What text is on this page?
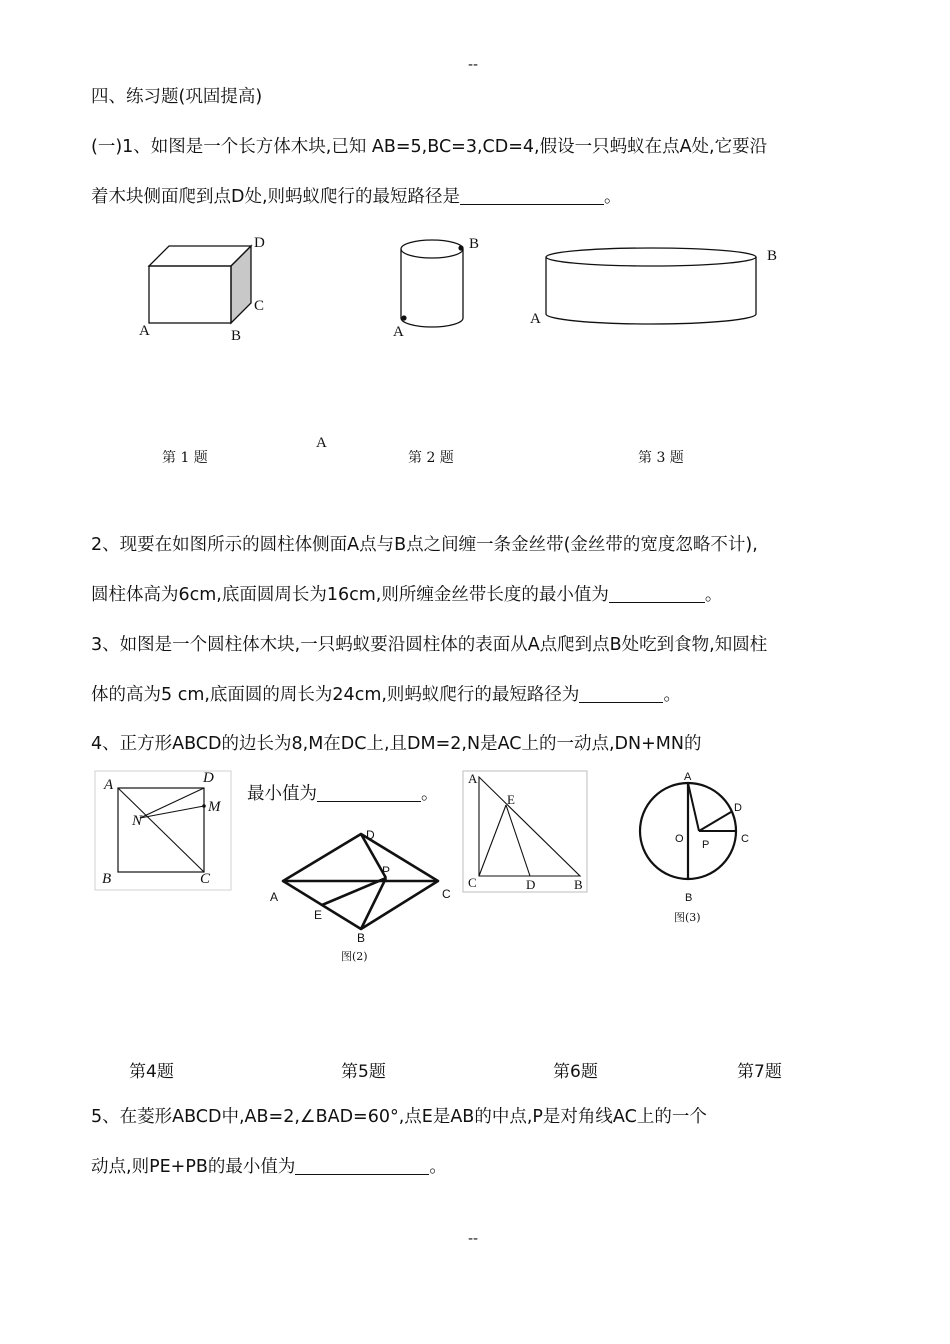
--
--
四、练习题(巩固提高)
(一)1、如图是一个长方体木块,已知 AB=5,BC=3,CD=4,假设一只蚂蚁在点A处,它要沿
着木块侧面爬到点D处,则蚂蚁爬行的最短路径是	。
A	B
C
D
A
B
A
B
第 1 题
A
第 2 题	第 3 题
2、现要在如图所示的圆柱体侧面A点与B点之间缠一条金丝带(金丝带的宽度忽略不计),
圆柱体高为6cm,底面圆周长为16cm,则所缠金丝带长度的最小值为	。
3、如图是一个圆柱体木块,一只蚂蚁要沿圆柱体的表面从A点爬到点B处吃到食物,知圆柱
体的高为5 cm,底面圆的周长为24cm,则蚂蚁爬行的最短路径为	。
4、正方形ABCD的边长为8,M在DC上,且DM=2,N是AC上的一动点,DN+MN的
最小值为	。
A	D
M
N
B	C
D
P
A	C
E
B
图(2)
A
E
C	D	B
A
D
O P	C
B
图(3)
第4题	第5题	第6题	第7题
5、在菱形ABCD中,AB=2,∠BAD=60°,点E是AB的中点,P是对角线AC上的一个
动点,则PE+PB的最小值为	。
